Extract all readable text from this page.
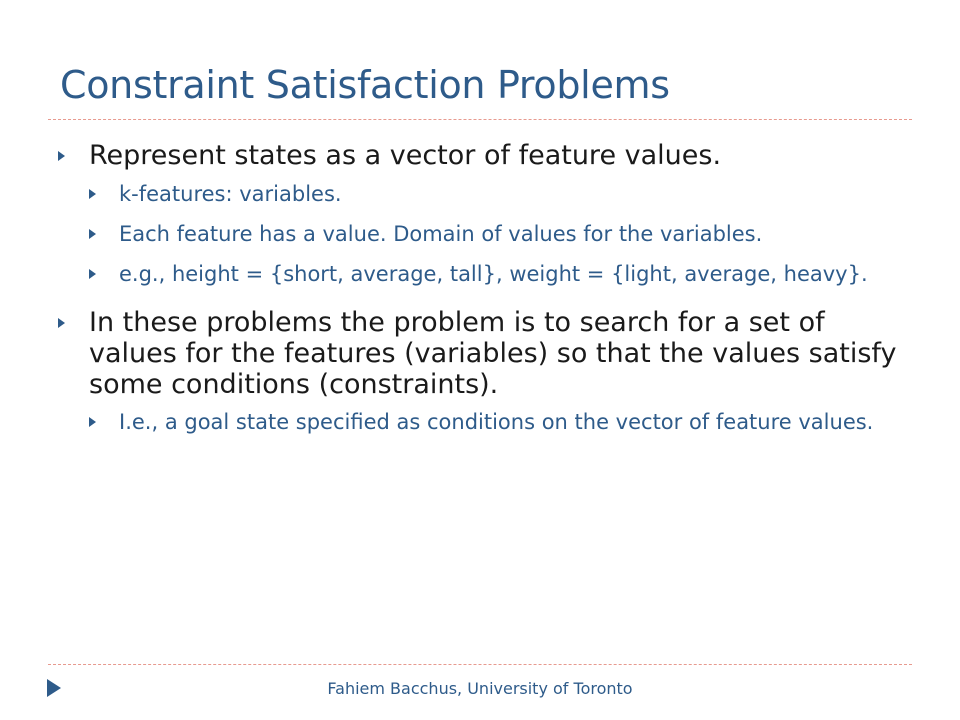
Constraint Satisfaction Problems
Represent states as a vector of feature values.
k-features: variables.
Each feature has a value. Domain of values for the variables.
e.g., height = {short, average, tall}, weight = {light, average, heavy}.
In these problems the problem is to search for a set of values for the features (variables) so that the values satisfy some conditions (constraints).
I.e., a goal state specified as conditions on the vector of feature values.
Fahiem Bacchus, University of Toronto
